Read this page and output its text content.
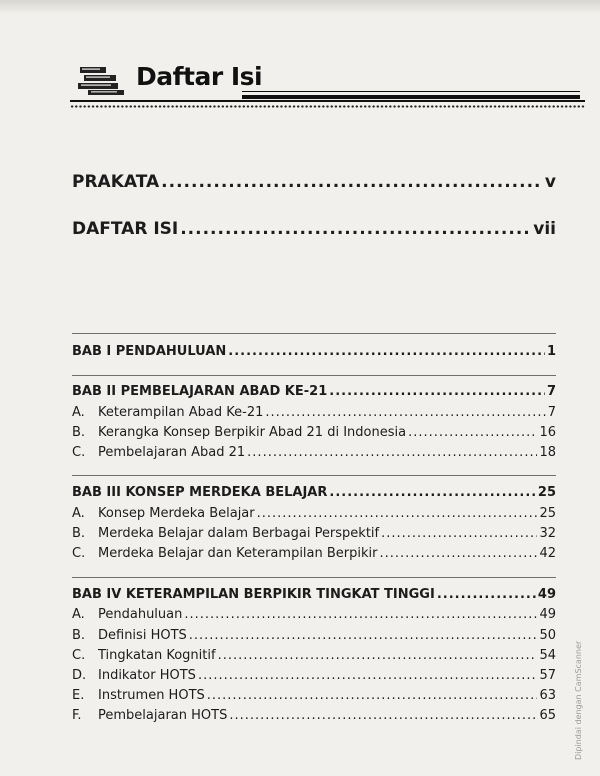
Daftar Isi
PRAKATA .....	v
DAFTAR ISI .....	vii
BAB I PENDAHULUAN .....	1
BAB II PEMBELAJARAN ABAD KE-21 .....	7
A. Keterampilan Abad Ke-21 .....	7
B. Kerangka Konsep Berpikir Abad 21 di Indonesia .....	16
C. Pembelajaran Abad 21 .....	18
BAB III KONSEP MERDEKA BELAJAR .....	25
A. Konsep Merdeka Belajar .....	25
B. Merdeka Belajar dalam Berbagai Perspektif .....	32
C. Merdeka Belajar dan Keterampilan Berpikir .....	42
BAB IV KETERAMPILAN BERPIKIR TINGKAT TINGGI .....	49
A. Pendahuluan .....	49
B. Definisi HOTS .....	50
C. Tingkatan Kognitif .....	54
D. Indikator HOTS .....	57
E. Instrumen HOTS .....	63
F. Pembelajaran HOTS .....	65 Dipindai dengan CamScanner
